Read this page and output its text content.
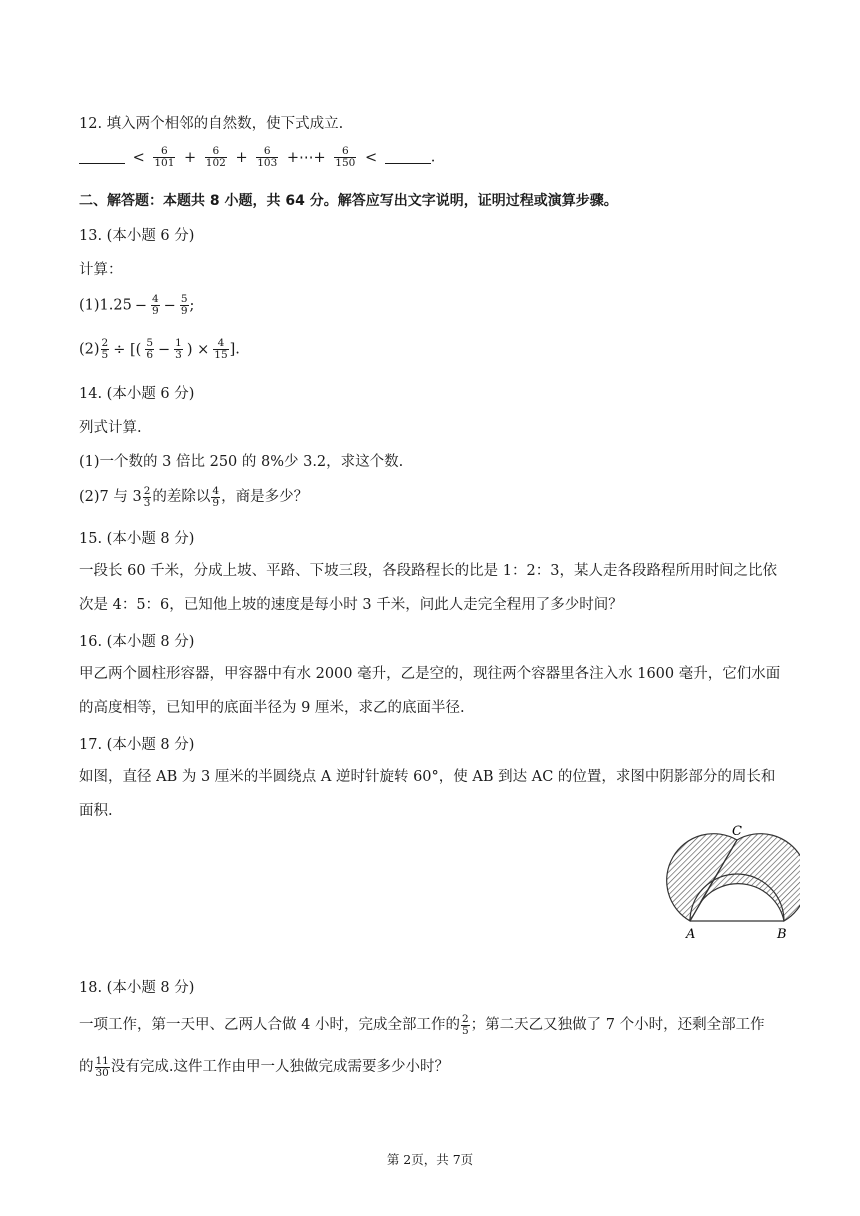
12. 填入两个相邻的自然数，使下式成立.
< $\frac{6}{101} + \frac{6}{102} + \frac{6}{103}$ +⋯+ $\frac{6}{150}$ <	.
二、解答题：本题共 8 小题，共 64 分。解答应写出文字说明，证明过程或演算步骤。
13. (本小题 6 分)
计算：
$(1)1.25 - \frac{4}{9} - \frac{5}{9}$ ;
$(2) \frac{2}{5}$ ÷ [( $\frac{5}{6} - \frac{1}{3}$ ) × $\frac{4}{15}$ ].
14. (本小题 6 分)
列式计算.
(1)一个数的 3 倍比 250 的 8%少 3.2，求这个数.
(2)7 与 $3 \frac{2}{3}$ 的差除以 $\frac{4}{9}$ ，商是多少？
15. (本小题 8 分)
一段长 60 千米，分成上坡、平路、下坡三段，各段路程长的比是 1：2：3，某人走各段路程所用时间之比依次是 4：5：6，已知他上坡的速度是每小时 3 千米，问此人走完全程用了多少时间？
16. (本小题 8 分)
甲乙两个圆柱形容器，甲容器中有水 2000 毫升，乙是空的，现往两个容器里各注入水 1600 毫升，它们水面的高度相等，已知甲的底面半径为 9 厘米，求乙的底面半径.
17. (本小题 8 分)
如图，直径 AB 为 3 厘米的半圆绕点 A 逆时针旋转 60°，使 AB 到达 AC 的位置，求图中阴影部分的周长和面积.
A	B
C
18. (本小题 8 分)
一项工作，第一天甲、乙两人合做 4 小时，完成全部工作的 $\frac{2}{5}$ ；第二天乙又独做了 7 个小时，还剩全部工作
的 $\frac{11}{30}$ 没有完成.这件工作由甲一人独做完成需要多少小时？
第 2页，共 7页
